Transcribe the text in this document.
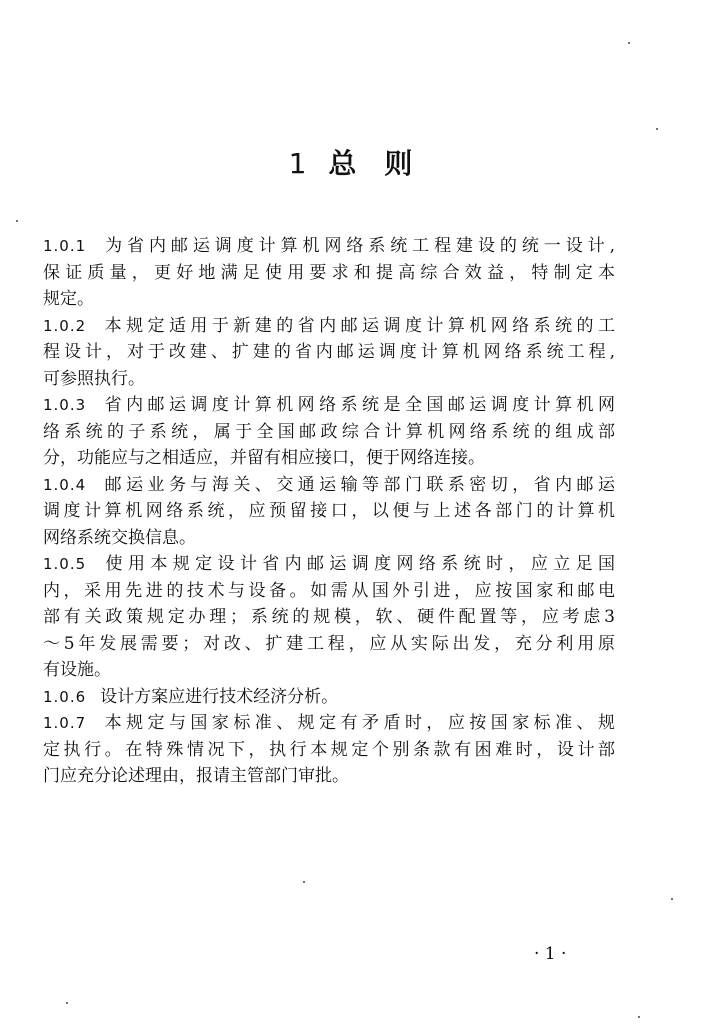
1 总 则
1.0.1 为省内邮运调度计算机网络系统工程建设的统一设计,
保证质量，更好地满足使用要求和提高综合效益，特制定本
规定。
1.0.2 本规定适用于新建的省内邮运调度计算机网络系统的工
程设计，对于改建、扩建的省内邮运调度计算机网络系统工程,
可参照执行。
1.0.3 省内邮运调度计算机网络系统是全国邮运调度计算机网
络系统的子系统，属于全国邮政综合计算机网络系统的组成部
分，功能应与之相适应，并留有相应接口，便于网络连接。
1.0.4 邮运业务与海关、交通运输等部门联系密切，省内邮运
调度计算机网络系统，应预留接口，以便与上述各部门的计算机
网络系统交换信息。
1.0.5 使用本规定设计省内邮运调度网络系统时，应立足国
内，采用先进的技术与设备。如需从国外引进，应按国家和邮电
部有关政策规定办理；系统的规模，软、硬件配置等，应考虑3
～5年发展需要；对改、扩建工程，应从实际出发，充分利用原
有设施。
1.0.6 设计方案应进行技术经济分析。
1.0.7 本规定与国家标准、规定有矛盾时，应按国家标准、规
定执行。在特殊情况下，执行本规定个别条款有困难时，设计部
门应充分论述理由，报请主管部门审批。
· 1 ·
